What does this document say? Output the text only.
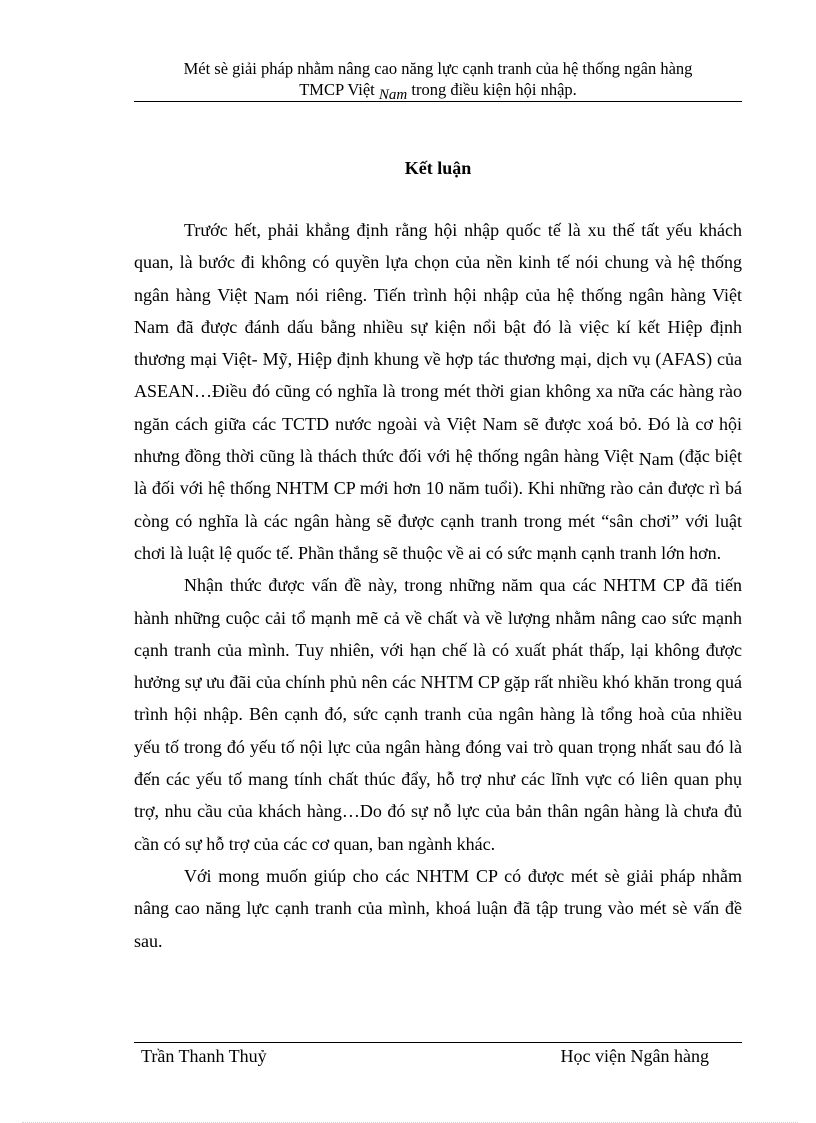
Mét sè giải pháp nhằm nâng cao năng lực cạnh tranh của hệ thống ngân hàng
TMCP Việt Nam trong điều kiện hội nhập.
Kết luận

Trước hết, phải khẳng định rằng hội nhập quốc tế là xu thế tất yếu khách quan, là bước đi không có quyền lựa chọn của nền kinh tế nói chung và hệ thống ngân hàng Việt Nam nói riêng. Tiến trình hội nhập của hệ thống ngân hàng Việt Nam đã được đánh dấu bằng nhiều sự kiện nổi bật đó là việc kí kết Hiệp định thương mại Việt- Mỹ, Hiệp định khung về hợp tác thương mại, dịch vụ (AFAS) của ASEAN…Điều đó cũng có nghĩa là trong mét thời gian không xa nữa các hàng rào ngăn cách giữa các TCTD nước ngoài và Việt Nam sẽ được xoá bỏ. Đó là cơ hội nhưng đồng thời cũng là thách thức đối với hệ thống ngân hàng Việt Nam (đặc biệt là đối với hệ thống NHTM CP mới hơn 10 năm tuổi). Khi những rào cản được rì bá còng có nghĩa là các ngân hàng sẽ được cạnh tranh trong mét “sân chơi” với luật chơi là luật lệ quốc tế. Phần thắng sẽ thuộc về ai có sức mạnh cạnh tranh lớn hơn.

Nhận thức được vấn đề này, trong những năm qua các NHTM CP đã tiến hành những cuộc cải tổ mạnh mẽ cả về chất và về lượng nhằm nâng cao sức mạnh cạnh tranh của mình. Tuy nhiên, với hạn chế là có xuất phát thấp, lại không được hưởng sự ưu đãi của chính phủ nên các NHTM CP gặp rất nhiều khó khăn trong quá trình hội nhập. Bên cạnh đó, sức cạnh tranh của ngân hàng là tổng hoà của nhiều yếu tố trong đó yếu tố nội lực của ngân hàng đóng vai trò quan trọng nhất sau đó là đến các yếu tố mang tính chất thúc đẩy, hỗ trợ như các lĩnh vực có liên quan phụ trợ, nhu cầu của khách hàng…Do đó sự nỗ lực của bản thân ngân hàng là chưa đủ cần có sự hỗ trợ của các cơ quan, ban ngành khác.

Với mong muốn giúp cho các NHTM CP có được mét sè giải pháp nhằm nâng cao năng lực cạnh tranh của mình, khoá luận đã tập trung vào mét sè vấn đề sau.

Trần Thanh Thuỷ	Học viện Ngân hàng
